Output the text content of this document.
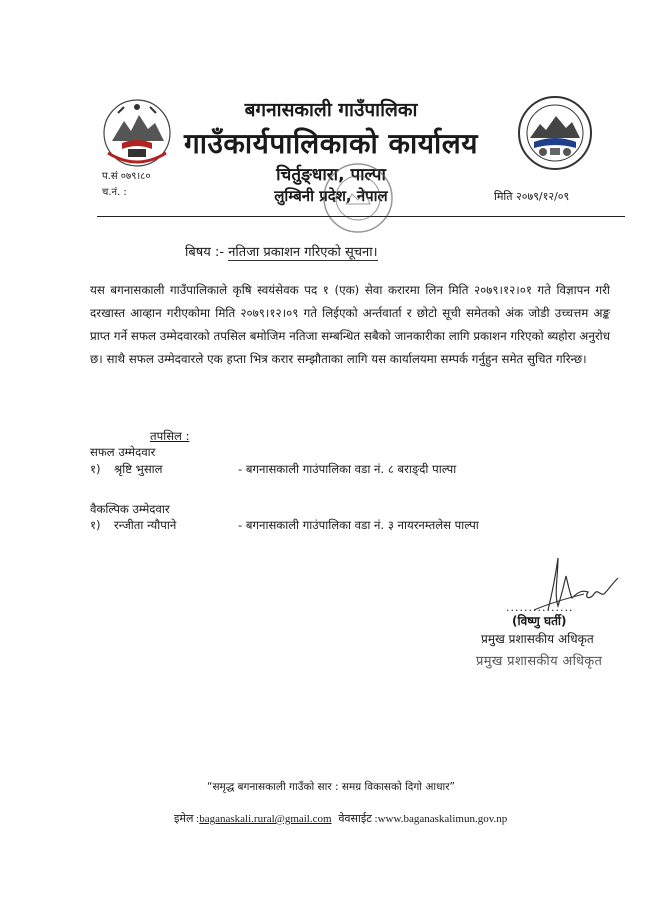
बगनासकाली गाउँपालिका
गाउँकार्यपालिकाको कार्यालय
चिर्तुङ्धारा, पाल्पा
लुम्बिनी प्रदेश, नेपाल
प.सं ०७९।८०
च.नं. :	मिति २०७९/१२/०९
बिषय :- नतिजा प्रकाशन गरिएको सूचना।
यस बगनासकाली गाउँपालिकाले कृषि स्वयंसेवक पद १ (एक) सेवा करारमा लिन मिति २०७९।१२।०१ गते विज्ञापन गरी दरखास्त आव्हान गरीएकोमा मिति २०७९।१२।०९ गते लिईएको अर्न्तवार्ता र छोटो सूची समेतको अंक जोडी उच्चत्तम अङ्क प्राप्त गर्ने सफल उम्मेदवारको तपसिल बमोजिम नतिजा सम्बन्धित सबैको जानकारीका लागि प्रकाशन गरिएको ब्यहोरा अनुरोध छ। साथै सफल उम्मेदवारले एक हप्ता भित्र करार सम्झौताका लागि यस कार्यालयमा सम्पर्क गर्नुहुन समेत सुचित गरिन्छ।
तपसिल :
सफल उम्मेदवार
१) श्रृष्टि भुसाल	- बगनासकाली गाउंपालिका वडा नं. ८ बराङ्दी पाल्पा
वैकल्पिक उम्मेदवार
१) रन्जीता न्यौपाने	- बगनासकाली गाउंपालिका वडा नं. ३ नायरनम्तलेस पाल्पा
...............
(विष्णु घर्ती)
प्रमुख प्रशासकीय अधिकृत
प्रमुख प्रशासकीय अधिकृत
“समृद्ध बगनासकाली गाउँको सार : समग्र विकासको दिगो आधार”
इमेल :baganaskali.rural@gmail.com वेवसाईट :www.baganaskalimun.gov.np
